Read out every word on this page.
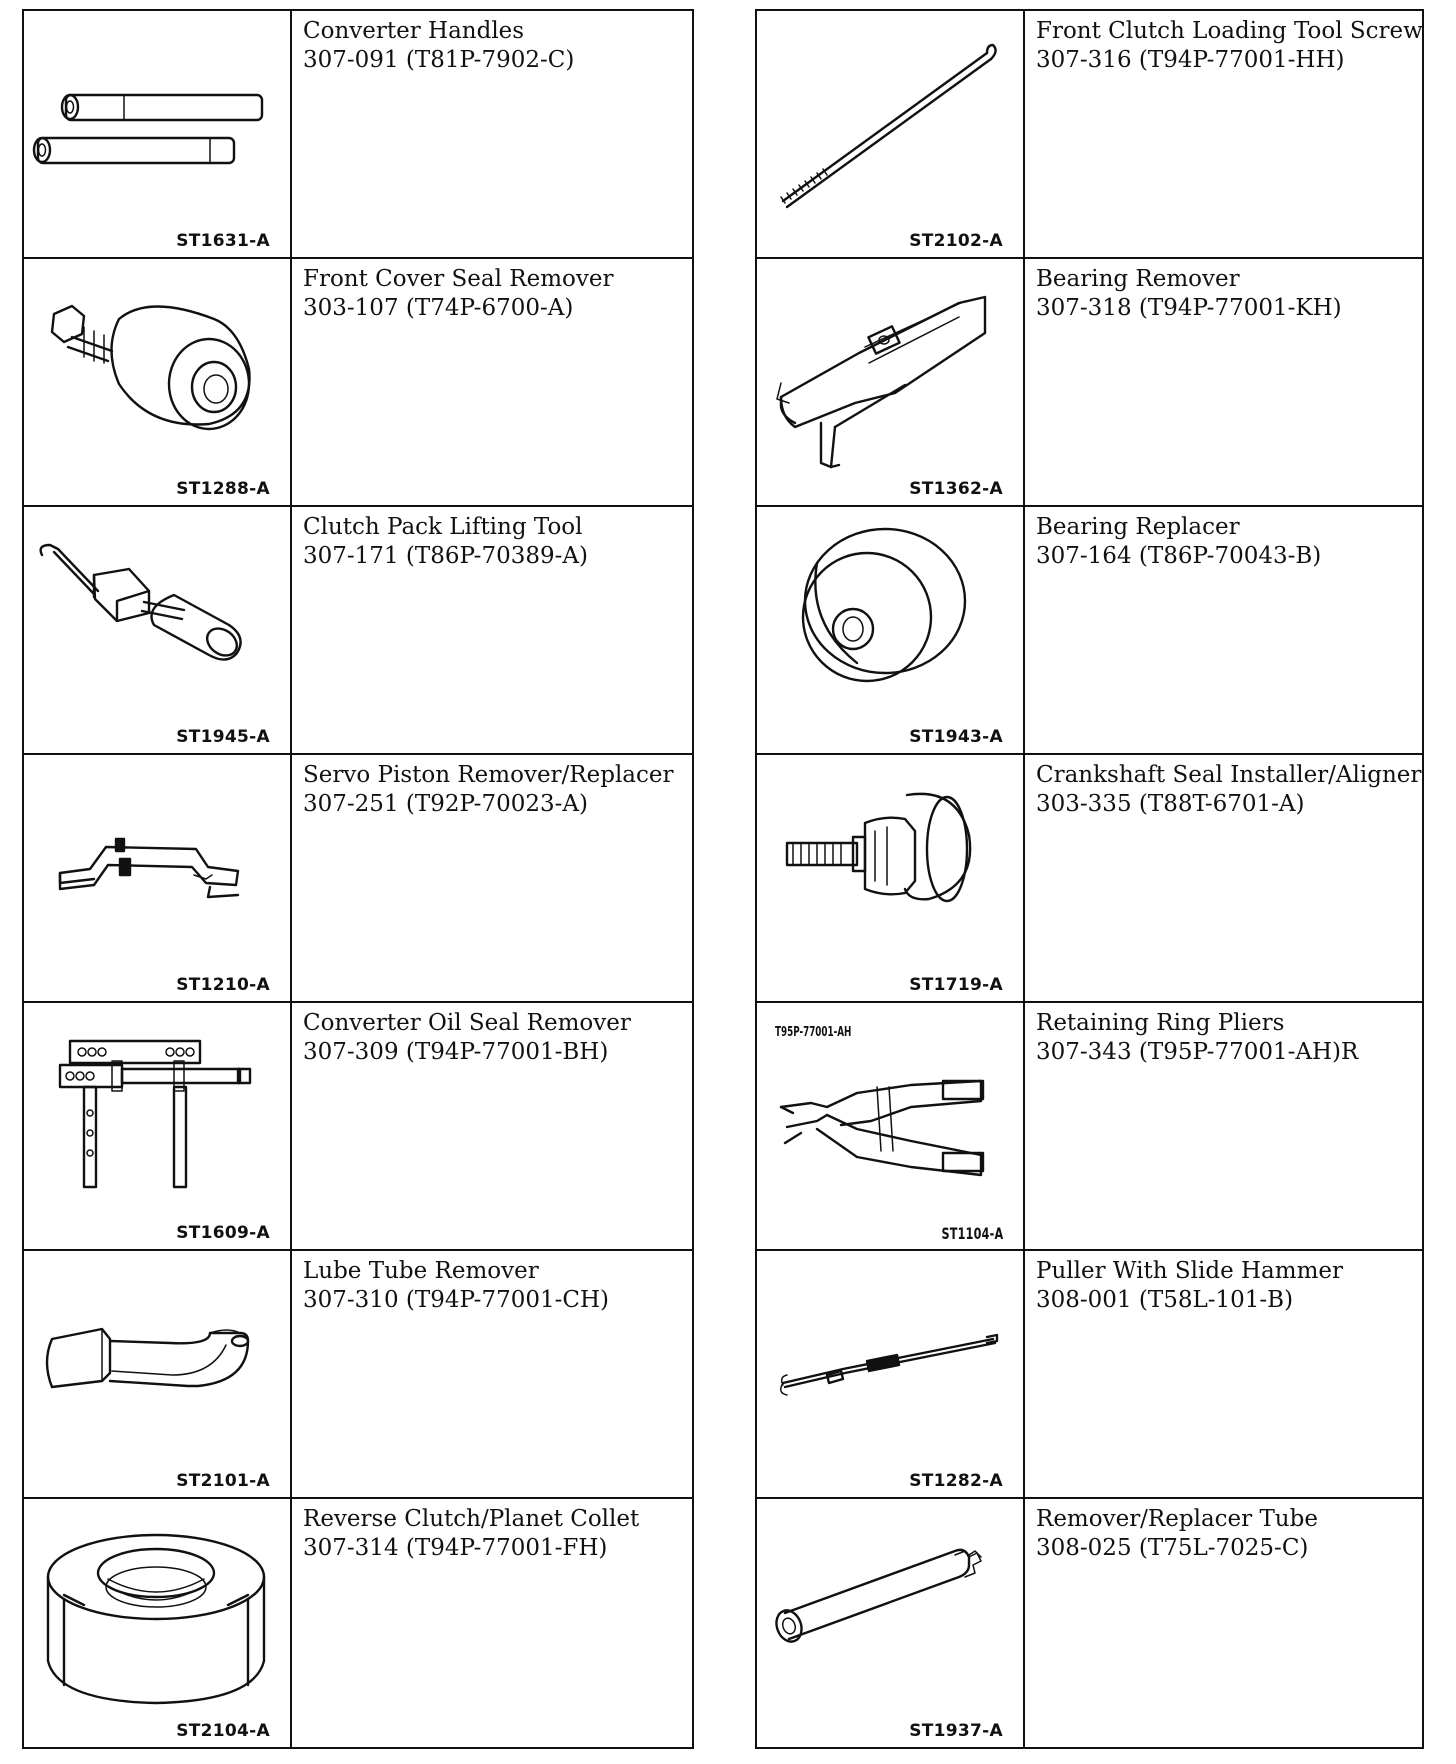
ST1631-A
Converter Handles
307-091 (T81P-7902-C)
ST1288-A
Front Cover Seal Remover
303-107 (T74P-6700-A)
ST1945-A
Clutch Pack Lifting Tool
307-171 (T86P-70389-A)
ST1210-A
Servo Piston Remover/Replacer
307-251 (T92P-70023-A)
ST1609-A
Converter Oil Seal Remover
307-309 (T94P-77001-BH)
ST2101-A
Lube Tube Remover
307-310 (T94P-77001-CH)
ST2104-A
Reverse Clutch/Planet Collet
307-314 (T94P-77001-FH)
ST2102-A
Front Clutch Loading Tool Screw
307-316 (T94P-77001-HH)
ST1362-A
Bearing Remover
307-318 (T94P-77001-KH)
ST1943-A
Bearing Replacer
307-164 (T86P-70043-B)
ST1719-A
Crankshaft Seal Installer/Aligner
303-335 (T88T-6701-A)
T95P-77001-AH
ST1104-A
Retaining Ring Pliers
307-343 (T95P-77001-AH)R
ST1282-A
Puller With Slide Hammer
308-001 (T58L-101-B)
ST1937-A
Remover/Replacer Tube
308-025 (T75L-7025-C)
